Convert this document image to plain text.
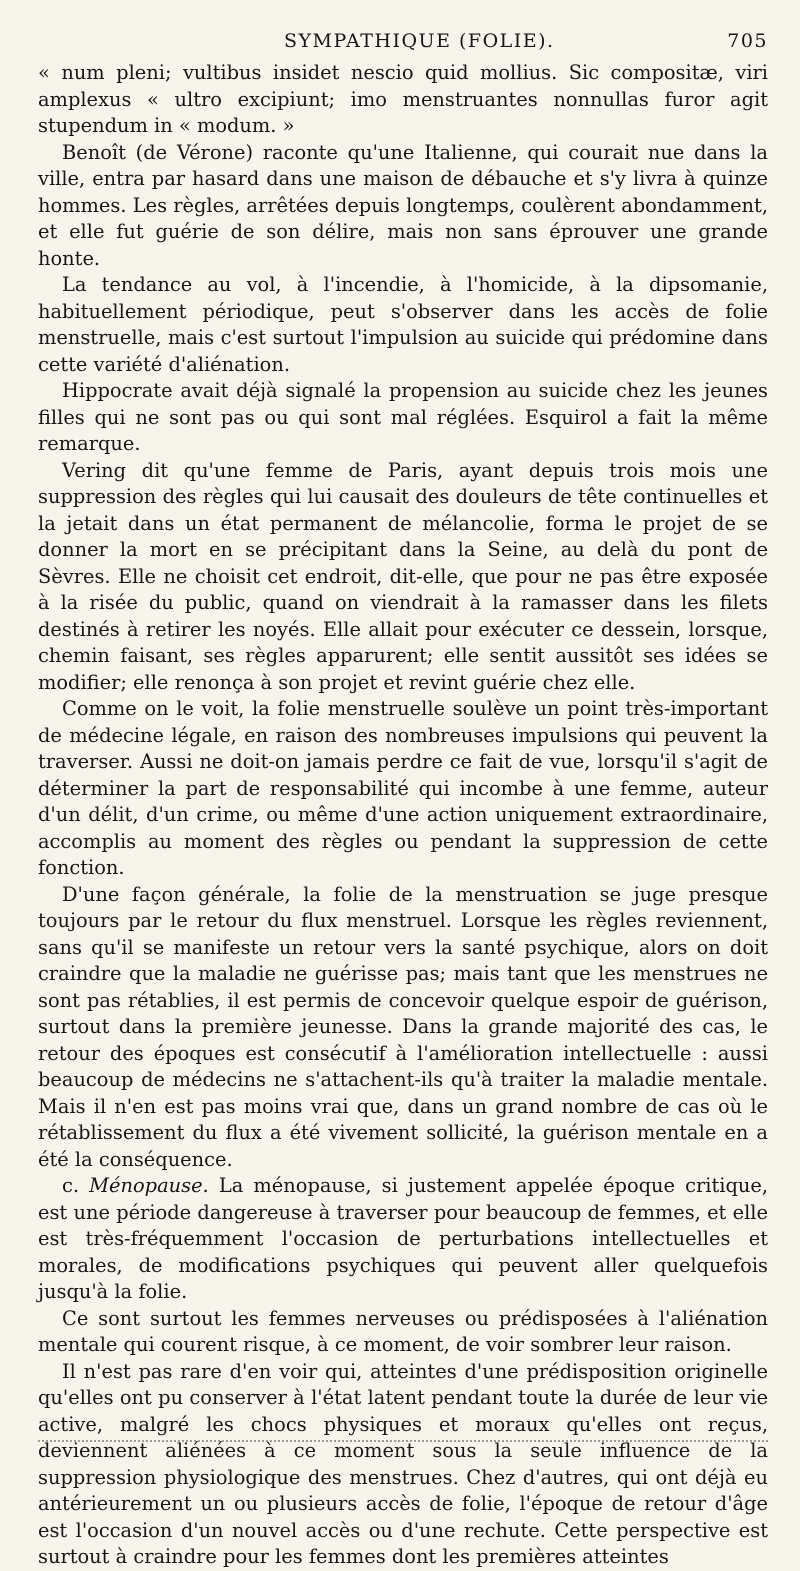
SYMPATHIQUE (FOLIE).	705

« num pleni; vultibus insidet nescio quid mollius. Sic compositæ, viri amplexus « ultro excipiunt; imo menstruantes nonnullas furor agit stupendum in « modum. »

Benoît (de Vérone) raconte qu'une Italienne, qui courait nue dans la ville, entra par hasard dans une maison de débauche et s'y livra à quinze hommes. Les règles, arrêtées depuis longtemps, coulèrent abondamment, et elle fut guérie de son délire, mais non sans éprouver une grande honte.

La tendance au vol, à l'incendie, à l'homicide, à la dipsomanie, habituellement périodique, peut s'observer dans les accès de folie menstruelle, mais c'est surtout l'impulsion au suicide qui prédomine dans cette variété d'aliénation.

Hippocrate avait déjà signalé la propension au suicide chez les jeunes filles qui ne sont pas ou qui sont mal réglées. Esquirol a fait la même remarque.

Vering dit qu'une femme de Paris, ayant depuis trois mois une suppression des règles qui lui causait des douleurs de tête continuelles et la jetait dans un état permanent de mélancolie, forma le projet de se donner la mort en se précipitant dans la Seine, au delà du pont de Sèvres. Elle ne choisit cet endroit, dit-elle, que pour ne pas être exposée à la risée du public, quand on viendrait à la ramasser dans les filets destinés à retirer les noyés. Elle allait pour exécuter ce dessein, lorsque, chemin faisant, ses règles apparurent; elle sentit aussitôt ses idées se modifier; elle renonça à son projet et revint guérie chez elle.

Comme on le voit, la folie menstruelle soulève un point très-important de médecine légale, en raison des nombreuses impulsions qui peuvent la traverser. Aussi ne doit-on jamais perdre ce fait de vue, lorsqu'il s'agit de déterminer la part de responsabilité qui incombe à une femme, auteur d'un délit, d'un crime, ou même d'une action uniquement extraordinaire, accomplis au moment des règles ou pendant la suppression de cette fonction.

D'une façon générale, la folie de la menstruation se juge presque toujours par le retour du flux menstruel. Lorsque les règles reviennent, sans qu'il se manifeste un retour vers la santé psychique, alors on doit craindre que la maladie ne guérisse pas; mais tant que les menstrues ne sont pas rétablies, il est permis de concevoir quelque espoir de guérison, surtout dans la première jeunesse. Dans la grande majorité des cas, le retour des époques est consécutif à l'amélioration intellectuelle : aussi beaucoup de médecins ne s'attachent-ils qu'à traiter la maladie mentale. Mais il n'en est pas moins vrai que, dans un grand nombre de cas où le rétablissement du flux a été vivement sollicité, la guérison mentale en a été la conséquence.

c. Ménopause. La ménopause, si justement appelée époque critique, est une période dangereuse à traverser pour beaucoup de femmes, et elle est très-fréquemment l'occasion de perturbations intellectuelles et morales, de modifications psychiques qui peuvent aller quelquefois jusqu'à la folie.

Ce sont surtout les femmes nerveuses ou prédisposées à l'aliénation mentale qui courent risque, à ce moment, de voir sombrer leur raison.

Il n'est pas rare d'en voir qui, atteintes d'une prédisposition originelle qu'elles ont pu conserver à l'état latent pendant toute la durée de leur vie active, malgré les chocs physiques et moraux qu'elles ont reçus, deviennent aliénées à ce moment sous la seule influence de la suppression physiologique des menstrues. Chez d'autres, qui ont déjà eu antérieurement un ou plusieurs accès de folie, l'époque de retour d'âge est l'occasion d'un nouvel accès ou d'une rechute. Cette perspective est surtout à craindre pour les femmes dont les premières atteintes
